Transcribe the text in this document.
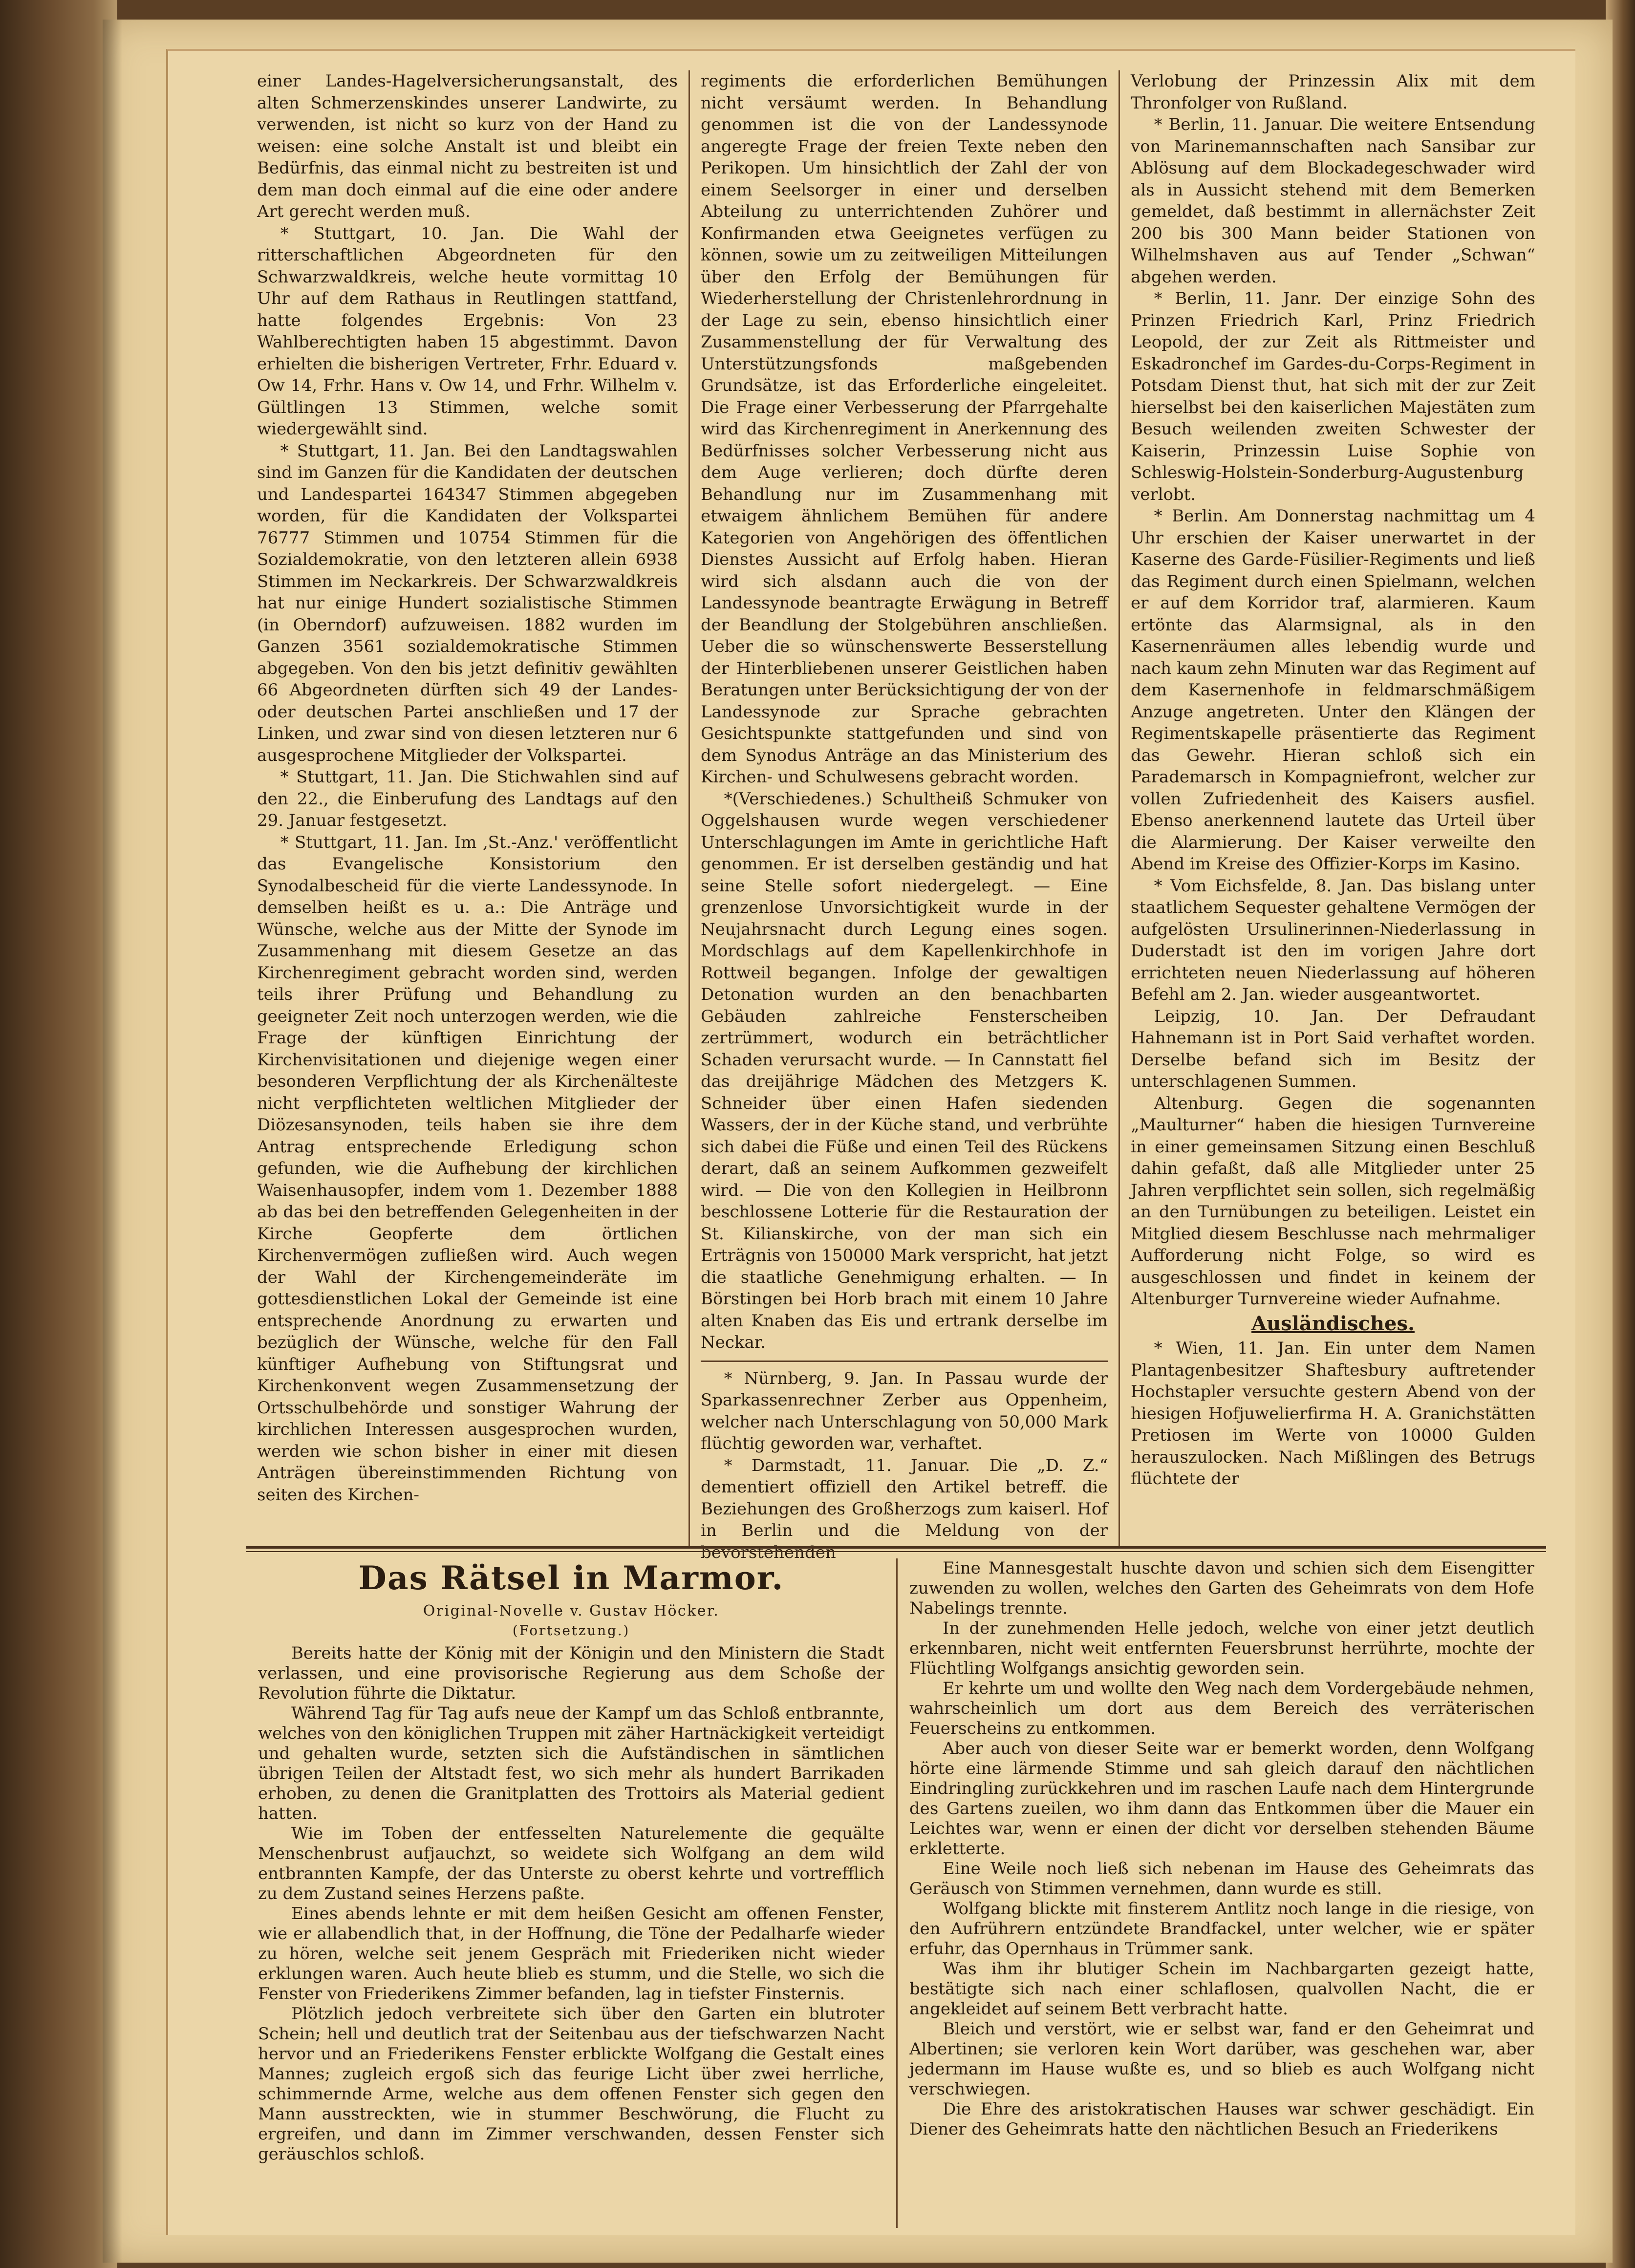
einer Landes-Hagelversicherungsanstalt, des alten Schmerzenskindes unserer Landwirte, zu verwenden, ist nicht so kurz von der Hand zu weisen: eine solche Anstalt ist und bleibt ein Bedürfnis, das einmal nicht zu bestreiten ist und dem man doch einmal auf die eine oder andere Art gerecht werden muß.

* Stuttgart, 10. Jan. Die Wahl der ritterschaftlichen Abgeordneten für den Schwarzwaldkreis, welche heute vormittag 10 Uhr auf dem Rathaus in Reutlingen stattfand, hatte folgendes Ergebnis: Von 23 Wahlberechtigten haben 15 abgestimmt. Davon erhielten die bisherigen Vertreter, Frhr. Eduard v. Ow 14, Frhr. Hans v. Ow 14, und Frhr. Wilhelm v. Gültlingen 13 Stimmen, welche somit wiedergewählt sind.

* Stuttgart, 11. Jan. Bei den Landtagswahlen sind im Ganzen für die Kandidaten der deutschen und Landespartei 164347 Stimmen abgegeben worden, für die Kandidaten der Volkspartei 76777 Stimmen und 10754 Stimmen für die Sozialdemokratie, von den letzteren allein 6938 Stimmen im Neckarkreis. Der Schwarzwaldkreis hat nur einige Hundert sozialistische Stimmen (in Oberndorf) aufzuweisen. 1882 wurden im Ganzen 3561 sozialdemokratische Stimmen abgegeben. Von den bis jetzt definitiv gewählten 66 Abgeordneten dürften sich 49 der Landes- oder deutschen Partei anschließen und 17 der Linken, und zwar sind von diesen letzteren nur 6 ausgesprochene Mitglieder der Volkspartei.

* Stuttgart, 11. Jan. Die Stichwahlen sind auf den 22., die Einberufung des Landtags auf den 29. Januar festgesetzt.

* Stuttgart, 11. Jan. Im ‚St.-Anz.' veröffentlicht das Evangelische Konsistorium den Synodalbescheid für die vierte Landessynode. In demselben heißt es u. a.: Die Anträge und Wünsche, welche aus der Mitte der Synode im Zusammenhang mit diesem Gesetze an das Kirchenregiment gebracht worden sind, werden teils ihrer Prüfung und Behandlung zu geeigneter Zeit noch unterzogen werden, wie die Frage der künftigen Einrichtung der Kirchenvisitationen und diejenige wegen einer besonderen Verpflichtung der als Kirchenälteste nicht verpflichteten weltlichen Mitglieder der Diözesansynoden, teils haben sie ihre dem Antrag entsprechende Erledigung schon gefunden, wie die Aufhebung der kirchlichen Waisenhausopfer, indem vom 1. Dezember 1888 ab das bei den betreffenden Gelegenheiten in der Kirche Geopferte dem örtlichen Kirchenvermögen zufließen wird. Auch wegen der Wahl der Kirchengemeinderäte im gottesdienstlichen Lokal der Gemeinde ist eine entsprechende Anordnung zu erwarten und bezüglich der Wünsche, welche für den Fall künftiger Aufhebung von Stiftungsrat und Kirchenkonvent wegen Zusammensetzung der Ortsschulbehörde und sonstiger Wahrung der kirchlichen Interessen ausgesprochen wurden, werden wie schon bisher in einer mit diesen Anträgen übereinstimmenden Richtung von seiten des Kirchen-

regiments die erforderlichen Bemühungen nicht versäumt werden. In Behandlung genommen ist die von der Landessynode angeregte Frage der freien Texte neben den Perikopen. Um hinsichtlich der Zahl der von einem Seelsorger in einer und derselben Abteilung zu unterrichtenden Zuhörer und Konfirmanden etwa Geeignetes verfügen zu können, sowie um zu zeitweiligen Mitteilungen über den Erfolg der Bemühungen für Wiederherstellung der Christenlehrordnung in der Lage zu sein, ebenso hinsichtlich einer Zusammenstellung der für Verwaltung des Unterstützungsfonds maßgebenden Grundsätze, ist das Erforderliche eingeleitet. Die Frage einer Verbesserung der Pfarrgehalte wird das Kirchenregiment in Anerkennung des Bedürfnisses solcher Verbesserung nicht aus dem Auge verlieren; doch dürfte deren Behandlung nur im Zusammenhang mit etwaigem ähnlichem Bemühen für andere Kategorien von Angehörigen des öffentlichen Dienstes Aussicht auf Erfolg haben. Hieran wird sich alsdann auch die von der Landessynode beantragte Erwägung in Betreff der Beandlung der Stolgebühren anschließen. Ueber die so wünschenswerte Besserstellung der Hinterbliebenen unserer Geistlichen haben Beratungen unter Berücksichtigung der von der Landessynode zur Sprache gebrachten Gesichtspunkte stattgefunden und sind von dem Synodus Anträge an das Ministerium des Kirchen- und Schulwesens gebracht worden.

*(Verschiedenes.) Schultheiß Schmuker von Oggelshausen wurde wegen verschiedener Unterschlagungen im Amte in gerichtliche Haft genommen. Er ist derselben geständig und hat seine Stelle sofort niedergelegt. — Eine grenzenlose Unvorsichtigkeit wurde in der Neujahrsnacht durch Legung eines sogen. Mordschlags auf dem Kapellenkirchhofe in Rottweil begangen. Infolge der gewaltigen Detonation wurden an den benachbarten Gebäuden zahlreiche Fensterscheiben zertrümmert, wodurch ein beträchtlicher Schaden verursacht wurde. — In Cannstatt fiel das dreijährige Mädchen des Metzgers K. Schneider über einen Hafen siedenden Wassers, der in der Küche stand, und verbrühte sich dabei die Füße und einen Teil des Rückens derart, daß an seinem Aufkommen gezweifelt wird. — Die von den Kollegien in Heilbronn beschlossene Lotterie für die Restauration der St. Kilianskirche, von der man sich ein Erträgnis von 150000 Mark verspricht, hat jetzt die staatliche Genehmigung erhalten. — In Börstingen bei Horb brach mit einem 10 Jahre alten Knaben das Eis und ertrank derselbe im Neckar.

* Nürnberg, 9. Jan. In Passau wurde der Sparkassenrechner Zerber aus Oppenheim, welcher nach Unterschlagung von 50,000 Mark flüchtig geworden war, verhaftet.

* Darmstadt, 11. Januar. Die „D. Z.“ dementiert offiziell den Artikel betreff. die Beziehungen des Großherzogs zum kaiserl. Hof in Berlin und die Meldung von der bevorstehenden

Verlobung der Prinzessin Alix mit dem Thronfolger von Rußland.

* Berlin, 11. Januar. Die weitere Entsendung von Marinemannschaften nach Sansibar zur Ablösung auf dem Blockadegeschwader wird als in Aussicht stehend mit dem Bemerken gemeldet, daß bestimmt in allernächster Zeit 200 bis 300 Mann beider Stationen von Wilhelmshaven aus auf Tender „Schwan“ abgehen werden.

* Berlin, 11. Janr. Der einzige Sohn des Prinzen Friedrich Karl, Prinz Friedrich Leopold, der zur Zeit als Rittmeister und Eskadronchef im Gardes-du-Corps-Regiment in Potsdam Dienst thut, hat sich mit der zur Zeit hierselbst bei den kaiserlichen Majestäten zum Besuch weilenden zweiten Schwester der Kaiserin, Prinzessin Luise Sophie von Schleswig-Holstein-Sonderburg-Augustenburg verlobt.

* Berlin. Am Donnerstag nachmittag um 4 Uhr erschien der Kaiser unerwartet in der Kaserne des Garde-Füsilier-Regiments und ließ das Regiment durch einen Spielmann, welchen er auf dem Korridor traf, alarmieren. Kaum ertönte das Alarmsignal, als in den Kasernenräumen alles lebendig wurde und nach kaum zehn Minuten war das Regiment auf dem Kasernenhofe in feldmarschmäßigem Anzuge angetreten. Unter den Klängen der Regimentskapelle präsentierte das Regiment das Gewehr. Hieran schloß sich ein Parademarsch in Kompagniefront, welcher zur vollen Zufriedenheit des Kaisers ausfiel. Ebenso anerkennend lautete das Urteil über die Alarmierung. Der Kaiser verweilte den Abend im Kreise des Offizier-Korps im Kasino.

* Vom Eichsfelde, 8. Jan. Das bislang unter staatlichem Sequester gehaltene Vermögen der aufgelösten Ursulinerinnen-Niederlassung in Duderstadt ist den im vorigen Jahre dort errichteten neuen Niederlassung auf höheren Befehl am 2. Jan. wieder ausgeantwortet.

Leipzig, 10. Jan. Der Defraudant Hahnemann ist in Port Said verhaftet worden. Derselbe befand sich im Besitz der unterschlagenen Summen.

Altenburg. Gegen die sogenannten „Maulturner“ haben die hiesigen Turnvereine in einer gemeinsamen Sitzung einen Beschluß dahin gefaßt, daß alle Mitglieder unter 25 Jahren verpflichtet sein sollen, sich regelmäßig an den Turnübungen zu beteiligen. Leistet ein Mitglied diesem Beschlusse nach mehrmaliger Aufforderung nicht Folge, so wird es ausgeschlossen und findet in keinem der Altenburger Turnvereine wieder Aufnahme.

Ausländisches.

* Wien, 11. Jan. Ein unter dem Namen Plantagenbesitzer Shaftesbury auftretender Hochstapler versuchte gestern Abend von der hiesigen Hofjuwelierfirma H. A. Granichstätten Pretiosen im Werte von 10000 Gulden herauszulocken. Nach Mißlingen des Betrugs flüchtete der

Das Rätsel in Marmor.
Original-Novelle v. Gustav Höcker.
(Fortsetzung.)

Bereits hatte der König mit der Königin und den Ministern die Stadt verlassen, und eine provisorische Regierung aus dem Schoße der Revolution führte die Diktatur.

Während Tag für Tag aufs neue der Kampf um das Schloß entbrannte, welches von den königlichen Truppen mit zäher Hartnäckigkeit verteidigt und gehalten wurde, setzten sich die Aufständischen in sämtlichen übrigen Teilen der Altstadt fest, wo sich mehr als hundert Barrikaden erhoben, zu denen die Granitplatten des Trottoirs als Material gedient hatten.

Wie im Toben der entfesselten Naturelemente die gequälte Menschenbrust aufjauchzt, so weidete sich Wolfgang an dem wild entbrannten Kampfe, der das Unterste zu oberst kehrte und vortrefflich zu dem Zustand seines Herzens paßte.

Eines abends lehnte er mit dem heißen Gesicht am offenen Fenster, wie er allabendlich that, in der Hoffnung, die Töne der Pedalharfe wieder zu hören, welche seit jenem Gespräch mit Friederiken nicht wieder erklungen waren. Auch heute blieb es stumm, und die Stelle, wo sich die Fenster von Friederikens Zimmer befanden, lag in tiefster Finsternis.

Plötzlich jedoch verbreitete sich über den Garten ein blutroter Schein; hell und deutlich trat der Seitenbau aus der tiefschwarzen Nacht hervor und an Friederikens Fenster erblickte Wolfgang die Gestalt eines Mannes; zugleich ergoß sich das feurige Licht über zwei herrliche, schimmernde Arme, welche aus dem offenen Fenster sich gegen den Mann ausstreckten, wie in stummer Beschwörung, die Flucht zu ergreifen, und dann im Zimmer verschwanden, dessen Fenster sich geräuschlos schloß.

Eine Mannesgestalt huschte davon und schien sich dem Eisengitter zuwenden zu wollen, welches den Garten des Geheimrats von dem Hofe Nabelings trennte.

In der zunehmenden Helle jedoch, welche von einer jetzt deutlich erkennbaren, nicht weit entfernten Feuersbrunst herrührte, mochte der Flüchtling Wolfgangs ansichtig geworden sein.

Er kehrte um und wollte den Weg nach dem Vordergebäude nehmen, wahrscheinlich um dort aus dem Bereich des verräterischen Feuerscheins zu entkommen.

Aber auch von dieser Seite war er bemerkt worden, denn Wolfgang hörte eine lärmende Stimme und sah gleich darauf den nächtlichen Eindringling zurückkehren und im raschen Laufe nach dem Hintergrunde des Gartens zueilen, wo ihm dann das Entkommen über die Mauer ein Leichtes war, wenn er einen der dicht vor derselben stehenden Bäume erkletterte.

Eine Weile noch ließ sich nebenan im Hause des Geheimrats das Geräusch von Stimmen vernehmen, dann wurde es still.

Wolfgang blickte mit finsterem Antlitz noch lange in die riesige, von den Aufrührern entzündete Brandfackel, unter welcher, wie er später erfuhr, das Opernhaus in Trümmer sank.

Was ihm ihr blutiger Schein im Nachbargarten gezeigt hatte, bestätigte sich nach einer schlaflosen, qualvollen Nacht, die er angekleidet auf seinem Bett verbracht hatte.

Bleich und verstört, wie er selbst war, fand er den Geheimrat und Albertinen; sie verloren kein Wort darüber, was geschehen war, aber jedermann im Hause wußte es, und so blieb es auch Wolfgang nicht verschwiegen.

Die Ehre des aristokratischen Hauses war schwer geschädigt. Ein Diener des Geheimrats hatte den nächtlichen Besuch an Friederikens
